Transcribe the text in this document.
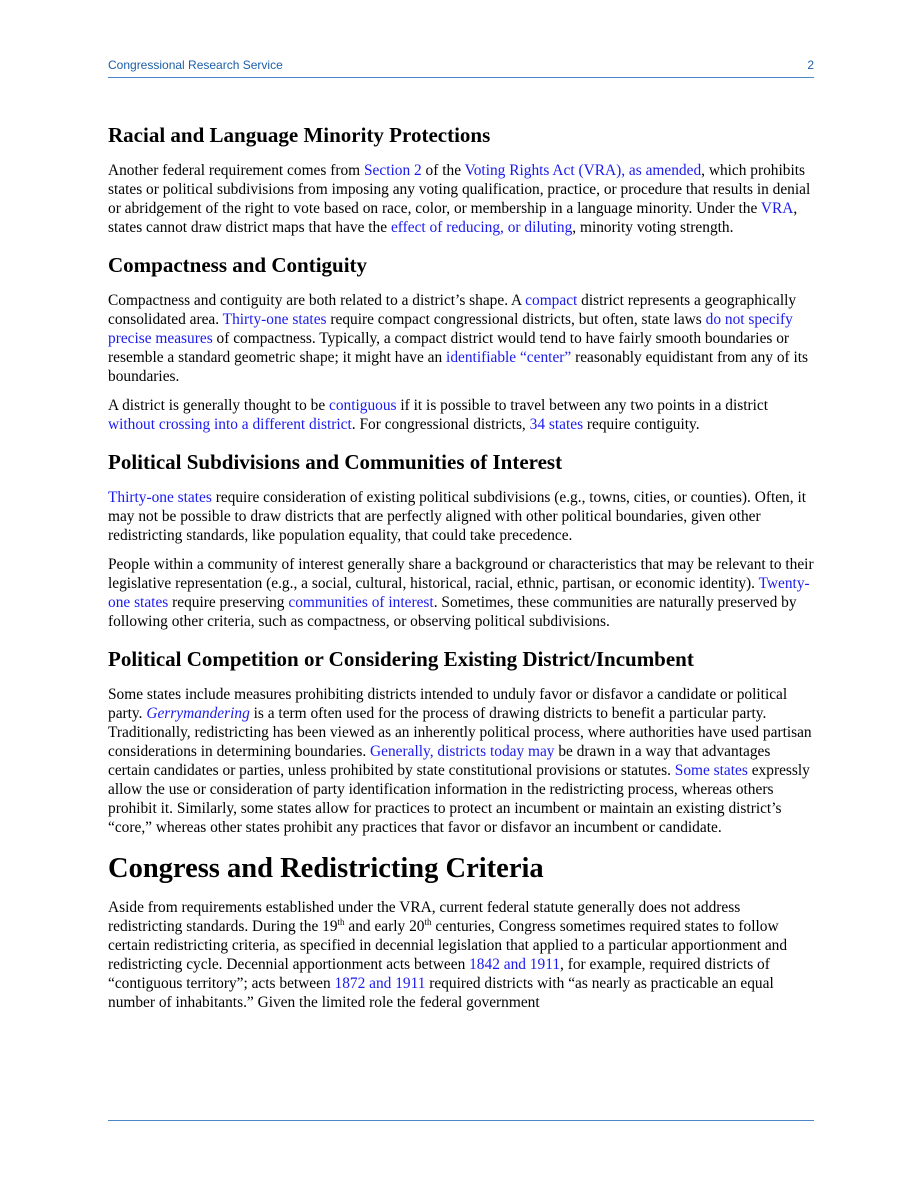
Congressional Research Service	2
Racial and Language Minority Protections

Another federal requirement comes from Section 2 of the Voting Rights Act (VRA), as amended, which prohibits states or political subdivisions from imposing any voting qualification, practice, or procedure that results in denial or abridgement of the right to vote based on race, color, or membership in a language minority. Under the VRA, states cannot draw district maps that have the effect of reducing, or diluting, minority voting strength.

Compactness and Contiguity

Compactness and contiguity are both related to a district’s shape. A compact district represents a geographically consolidated area. Thirty-one states require compact congressional districts, but often, state laws do not specify precise measures of compactness. Typically, a compact district would tend to have fairly smooth boundaries or resemble a standard geometric shape; it might have an identifiable “center” reasonably equidistant from any of its boundaries.

A district is generally thought to be contiguous if it is possible to travel between any two points in a district without crossing into a different district. For congressional districts, 34 states require contiguity.

Political Subdivisions and Communities of Interest

Thirty-one states require consideration of existing political subdivisions (e.g., towns, cities, or counties). Often, it may not be possible to draw districts that are perfectly aligned with other political boundaries, given other redistricting standards, like population equality, that could take precedence.

People within a community of interest generally share a background or characteristics that may be relevant to their legislative representation (e.g., a social, cultural, historical, racial, ethnic, partisan, or economic identity). Twenty-one states require preserving communities of interest. Sometimes, these communities are naturally preserved by following other criteria, such as compactness, or observing political subdivisions.

Political Competition or Considering Existing District/Incumbent

Some states include measures prohibiting districts intended to unduly favor or disfavor a candidate or political party. Gerrymandering is a term often used for the process of drawing districts to benefit a particular party. Traditionally, redistricting has been viewed as an inherently political process, where authorities have used partisan considerations in determining boundaries. Generally, districts today may be drawn in a way that advantages certain candidates or parties, unless prohibited by state constitutional provisions or statutes. Some states expressly allow the use or consideration of party identification information in the redistricting process, whereas others prohibit it. Similarly, some states allow for practices to protect an incumbent or maintain an existing district’s “core,” whereas other states prohibit any practices that favor or disfavor an incumbent or candidate.

Congress and Redistricting Criteria

Aside from requirements established under the VRA, current federal statute generally does not address redistricting standards. During the 19th and early 20th centuries, Congress sometimes required states to follow certain redistricting criteria, as specified in decennial legislation that applied to a particular apportionment and redistricting cycle. Decennial apportionment acts between 1842 and 1911, for example, required districts of “contiguous territory”; acts between 1872 and 1911 required districts with “as nearly as practicable an equal number of inhabitants.” Given the limited role the federal government
